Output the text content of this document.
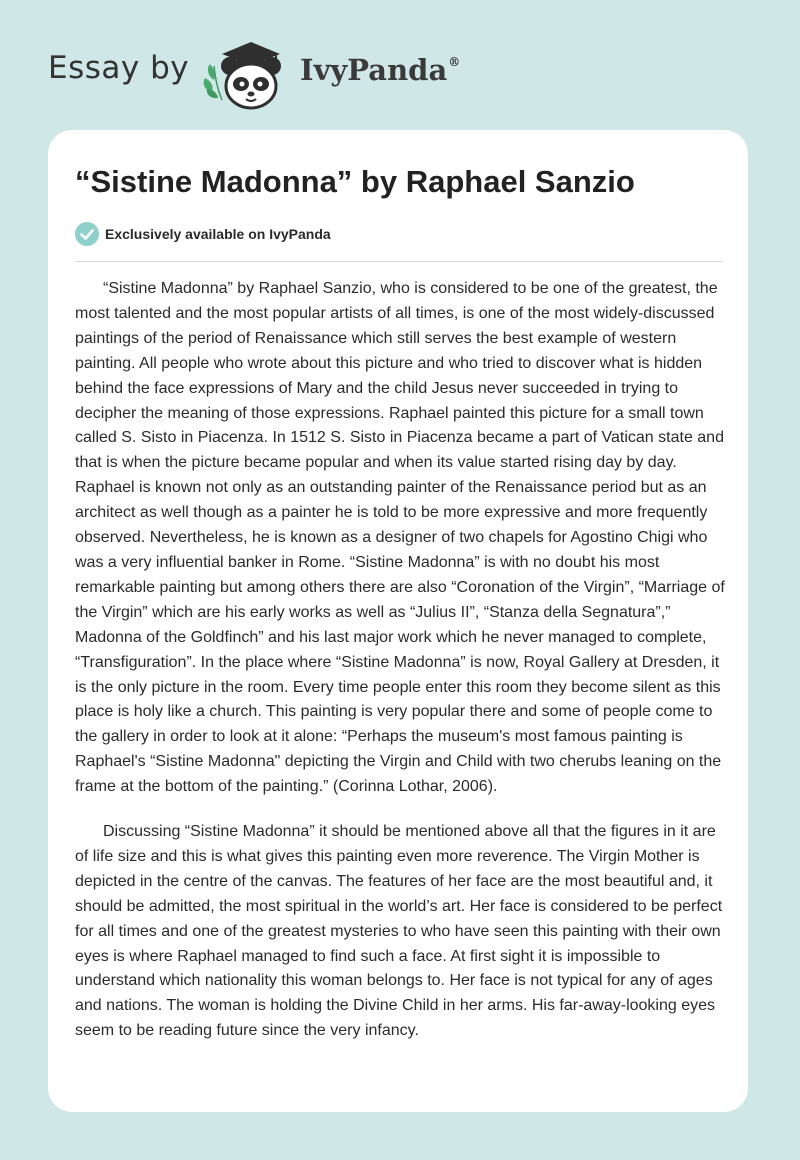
Essay by	IvyPanda®
“Sistine Madonna” by Raphael Sanzio
Exclusively available on IvyPanda

“Sistine Madonna” by Raphael Sanzio, who is considered to be one of the greatest, the most talented and the most popular artists of all times, is one of the most widely-discussed paintings of the period of Renaissance which still serves the best example of western painting. All people who wrote about this picture and who tried to discover what is hidden behind the face expressions of Mary and the child Jesus never succeeded in trying to decipher the meaning of those expressions. Raphael painted this picture for a small town called S. Sisto in Piacenza. In 1512 S. Sisto in Piacenza became a part of Vatican state and that is when the picture became popular and when its value started rising day by day. Raphael is known not only as an outstanding painter of the Renaissance period but as an architect as well though as a painter he is told to be more expressive and more frequently observed. Nevertheless, he is known as a designer of two chapels for Agostino Chigi who was a very influential banker in Rome. “Sistine Madonna” is with no doubt his most remarkable painting but among others there are also “Coronation of the Virgin”, “Marriage of the Virgin” which are his early works as well as “Julius II”, “Stanza della Segnatura”,” Madonna of the Goldfinch” and his last major work which he never managed to complete, “Transfiguration”. In the place where “Sistine Madonna” is now, Royal Gallery at Dresden, it is the only picture in the room. Every time people enter this room they become silent as this place is holy like a church. This painting is very popular there and some of people come to the gallery in order to look at it alone: “Perhaps the museum's most famous painting is Raphael's “Sistine Madonna" depicting the Virgin and Child with two cherubs leaning on the frame at the bottom of the painting.” (Corinna Lothar, 2006).

Discussing “Sistine Madonna” it should be mentioned above all that the figures in it are of life size and this is what gives this painting even more reverence. The Virgin Mother is depicted in the centre of the canvas. The features of her face are the most beautiful and, it should be admitted, the most spiritual in the world’s art. Her face is considered to be perfect for all times and one of the greatest mysteries to who have seen this painting with their own eyes is where Raphael managed to find such a face. At first sight it is impossible to understand which nationality this woman belongs to. Her face is not typical for any of ages and nations. The woman is holding the Divine Child in her arms. His far-away-looking eyes seem to be reading future since the very infancy.
